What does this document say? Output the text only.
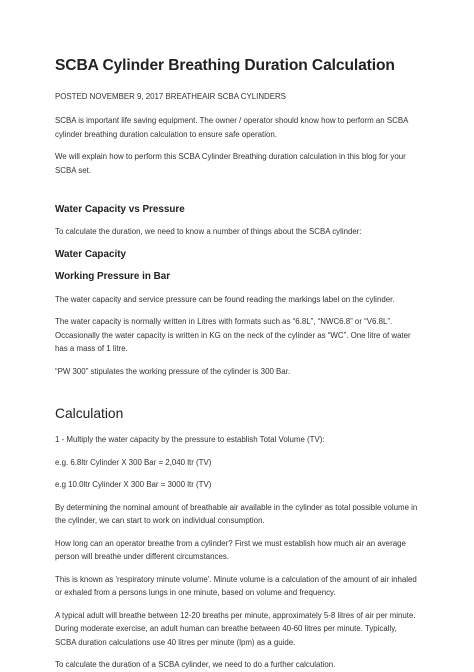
SCBA Cylinder Breathing Duration Calculation
POSTED NOVEMBER 9, 2017 BREATHEAIR SCBA CYLINDERS

SCBA is important life saving equipment. The owner / operator should know how to perform an SCBA cylinder breathing duration calculation to ensure safe operation.

We will explain how to perform this SCBA Cylinder Breathing duration calculation in this blog for your SCBA set.

Water Capacity vs Pressure

To calculate the duration, we need to know a number of things about the SCBA cylinder:

Water Capacity
Working Pressure in Bar

The water capacity and service pressure can be found reading the markings label on the cylinder.

The water capacity is normally written in Litres with formats such as “6.8L”, “NWC6.8” or “V6.8L”. Occasionally the water capacity is written in KG on the neck of the cylinder as “WC”. One litre of water has a mass of 1 litre.

“PW 300” stipulates the working pressure of the cylinder is 300 Bar.

Calculation

1 - Multiply the water capacity by the pressure to establish Total Volume (TV):

e.g. 6.8ltr Cylinder X 300 Bar = 2,040 ltr (TV)

e.g 10.0ltr Cylinder X 300 Bar = 3000 ltr (TV)

By determining the nominal amount of breathable air available in the cylinder as total possible volume in the cylinder, we can start to work on individual consumption.

How long can an operator breathe from a cylinder? First we must establish how much air an average person will breathe under different circumstances.

This is known as 'respiratory minute volume'. Minute volume is a calculation of the amount of air inhaled or exhaled from a persons lungs in one minute, based on volume and frequency.

A typical adult will breathe between 12-20 breaths per minute, approximately 5-8 litres of air per minute. During moderate exercise, an adult human can breathe between 40-60 litres per minute. Typically, SCBA duration calculations use 40 litres per minute (lpm) as a guide.

To calculate the duration of a SCBA cylinder, we need to do a further calculation.
